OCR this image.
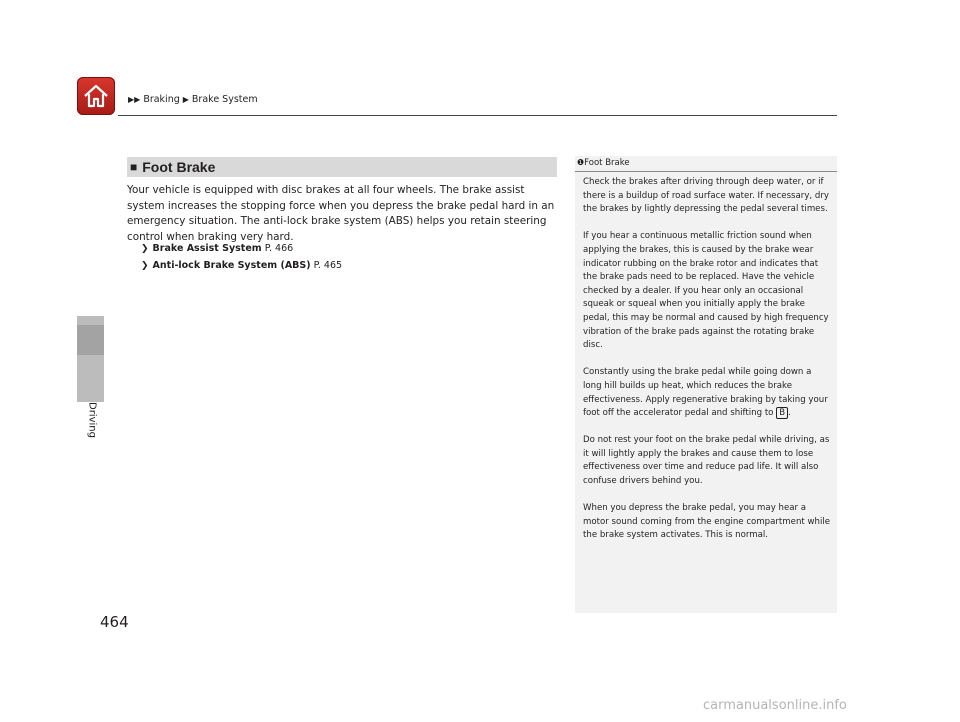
▶▶ Braking ▶ Brake System
Driving
■ Foot Brake
Your vehicle is equipped with disc brakes at all four wheels. The brake assist system increases the stopping force when you depress the brake pedal hard in an emergency situation. The anti-lock brake system (ABS) helps you retain steering control when braking very hard.
❯ Brake Assist System P. 466
❯ Anti-lock Brake System (ABS) P. 465
❶Foot Brake

Check the brakes after driving through deep water, or if there is a buildup of road surface water. If necessary, dry the brakes by lightly depressing the pedal several times.

If you hear a continuous metallic friction sound when applying the brakes, this is caused by the brake wear indicator rubbing on the brake rotor and indicates that the brake pads need to be replaced. Have the vehicle checked by a dealer. If you hear only an occasional squeak or squeal when you initially apply the brake pedal, this may be normal and caused by high frequency vibration of the brake pads against the rotating brake disc.

Constantly using the brake pedal while going down a long hill builds up heat, which reduces the brake effectiveness. Apply regenerative braking by taking your foot off the accelerator pedal and shifting to B .

Do not rest your foot on the brake pedal while driving, as it will lightly apply the brakes and cause them to lose effectiveness over time and reduce pad life. It will also confuse drivers behind you.

When you depress the brake pedal, you may hear a motor sound coming from the engine compartment while the brake system activates. This is normal.

464
carmanualsonline.info
